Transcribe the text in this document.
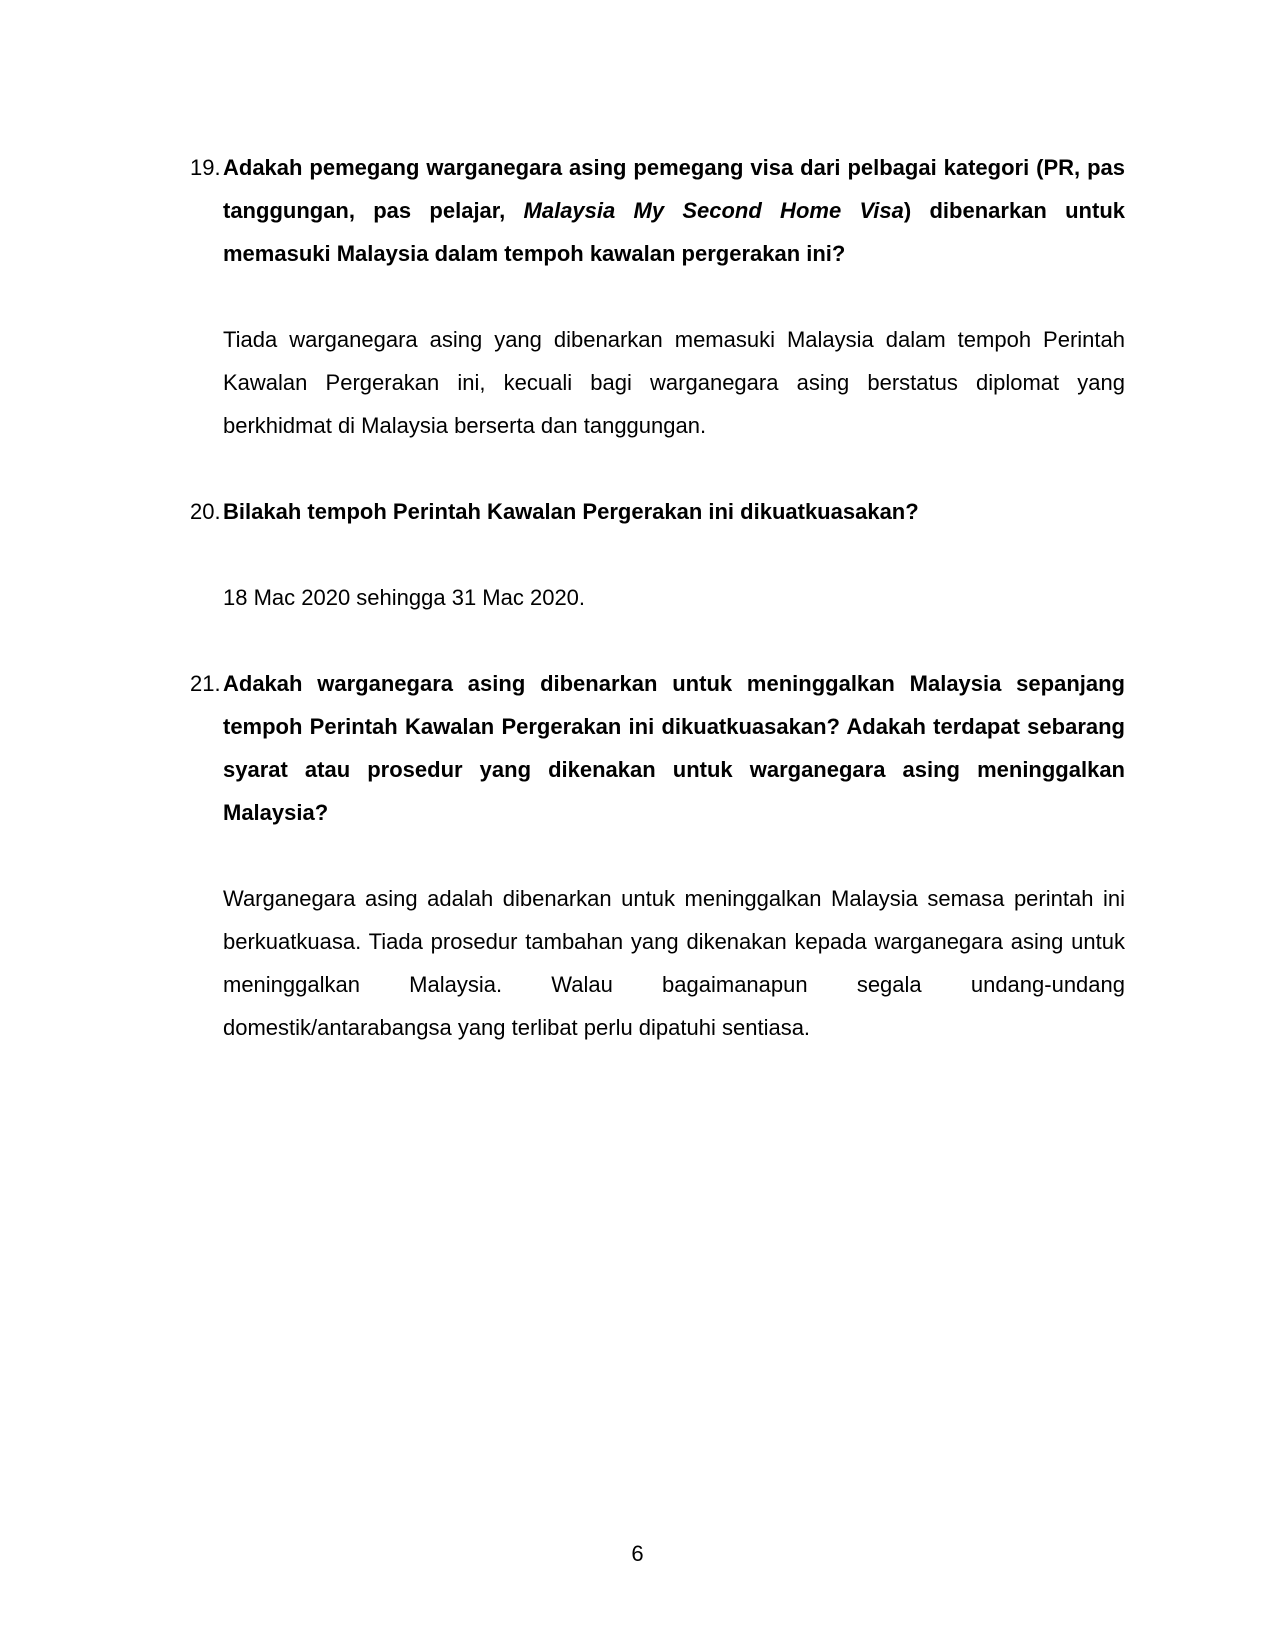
19. Adakah pemegang warganegara asing pemegang visa dari pelbagai kategori (PR, pas tanggungan, pas pelajar, Malaysia My Second Home Visa) dibenarkan untuk memasuki Malaysia dalam tempoh kawalan pergerakan ini?

Tiada warganegara asing yang dibenarkan memasuki Malaysia dalam tempoh Perintah Kawalan Pergerakan ini, kecuali bagi warganegara asing berstatus diplomat yang berkhidmat di Malaysia berserta dan tanggungan.

20. Bilakah tempoh Perintah Kawalan Pergerakan ini dikuatkuasakan?

18 Mac 2020 sehingga 31 Mac 2020.

21. Adakah warganegara asing dibenarkan untuk meninggalkan Malaysia sepanjang tempoh Perintah Kawalan Pergerakan ini dikuatkuasakan? Adakah terdapat sebarang syarat atau prosedur yang dikenakan untuk warganegara asing meninggalkan Malaysia?

Warganegara asing adalah dibenarkan untuk meninggalkan Malaysia semasa perintah ini berkuatkuasa. Tiada prosedur tambahan yang dikenakan kepada warganegara asing untuk meninggalkan Malaysia. Walau bagaimanapun segala undang-undang domestik/antarabangsa yang terlibat perlu dipatuhi sentiasa.

6
